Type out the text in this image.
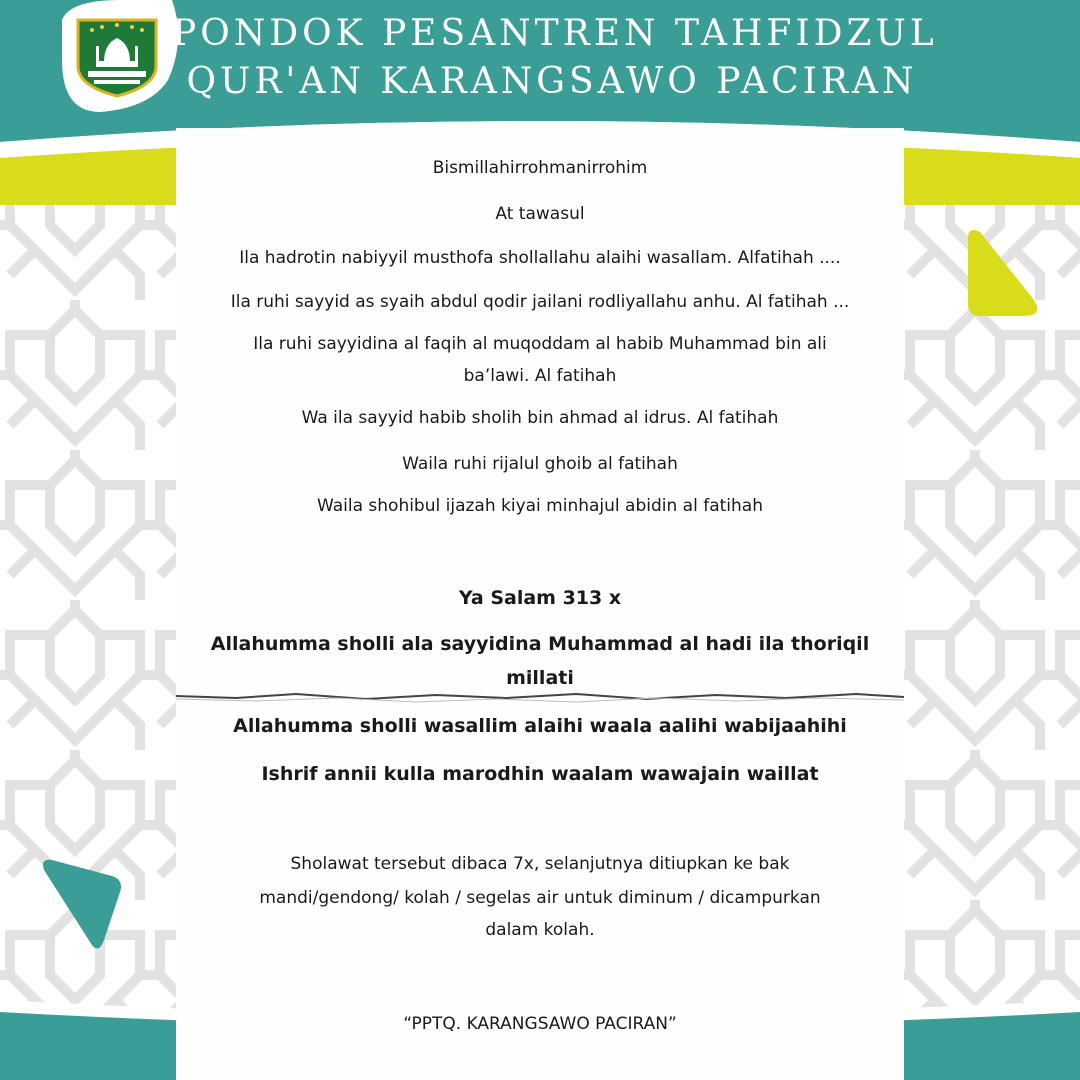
PONDOK PESANTREN TAHFIDZUL
QUR'AN KARANGSAWO PACIRAN
Bismillahirrohmanirrohim
At tawasul
Ila hadrotin nabiyyil musthofa shollallahu alaihi wasallam. Alfatihah ....
Ila ruhi sayyid as syaih abdul qodir jailani rodliyallahu anhu. Al fatihah ...
Ila ruhi sayyidina al faqih al muqoddam al habib Muhammad bin ali
ba’lawi. Al fatihah
Wa ila sayyid habib sholih bin ahmad al idrus. Al fatihah
Waila ruhi rijalul ghoib al fatihah
Waila shohibul ijazah kiyai minhajul abidin al fatihah
Ya Salam 313 x
Allahumma sholli ala sayyidina Muhammad al hadi ila thoriqil
millati
Allahumma sholli wasallim alaihi waala aalihi wabijaahihi
Ishrif annii kulla marodhin waalam wawajain waillat
Sholawat tersebut dibaca 7x, selanjutnya ditiupkan ke bak
mandi/gendong/ kolah / segelas air untuk diminum / dicampurkan
dalam kolah.
“PPTQ. KARANGSAWO PACIRAN”
